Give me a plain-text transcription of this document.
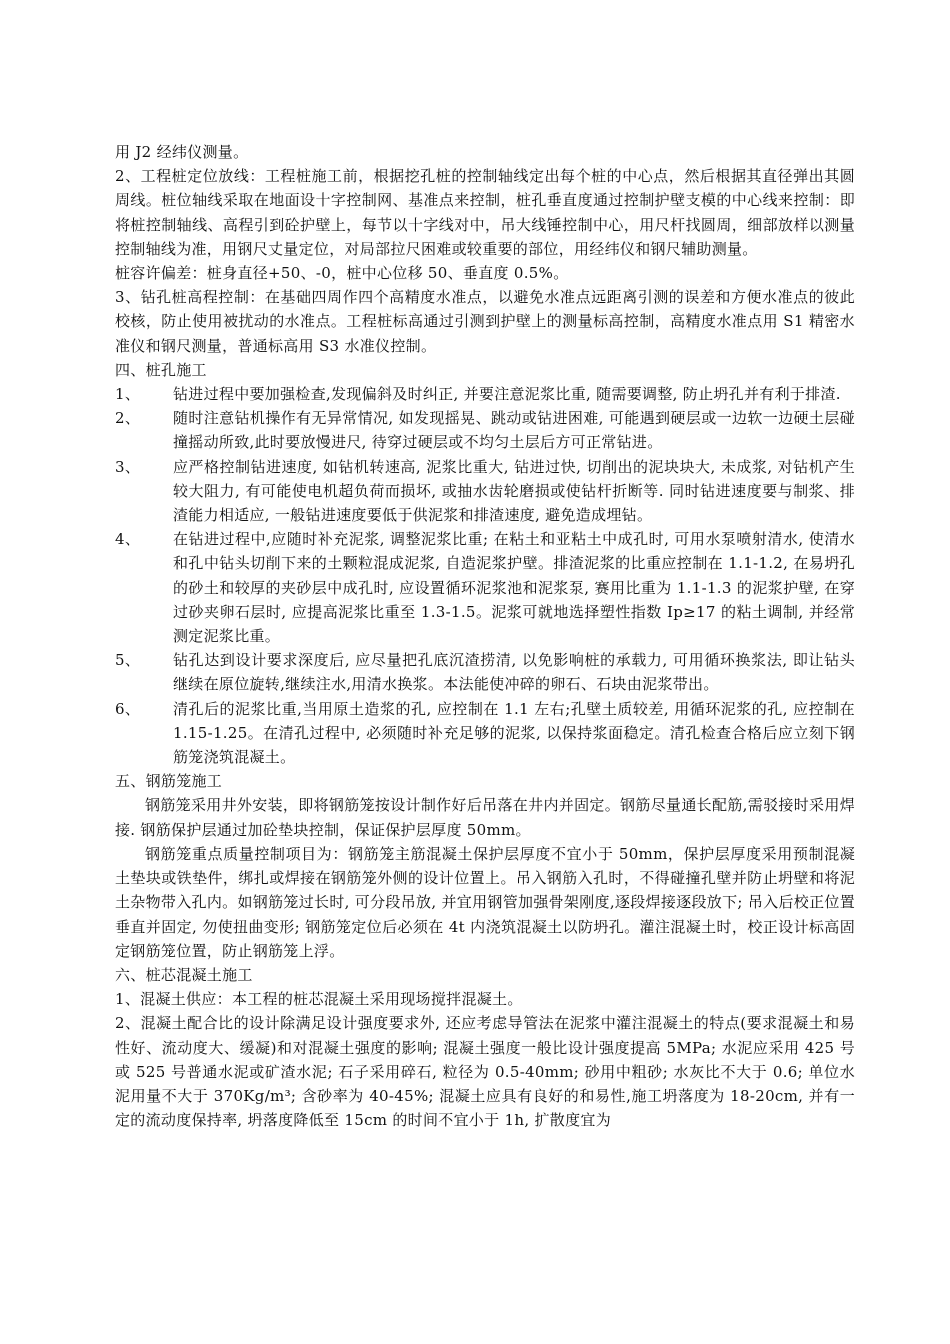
用 J2 经纬仪测量。

2、工程桩定位放线：工程桩施工前，根据挖孔桩的控制轴线定出每个桩的中心点，然后根据其直径弹出其圆周线。桩位轴线采取在地面设十字控制网、基准点来控制，桩孔垂直度通过控制护壁支模的中心线来控制：即将桩控制轴线、高程引到砼护壁上，每节以十字线对中，吊大线锤控制中心，用尺杆找圆周，细部放样以测量控制轴线为准，用钢尺丈量定位，对局部拉尺困难或较重要的部位，用经纬仪和钢尺辅助测量。

桩容许偏差：桩身直径+50、-0，桩中心位移 50、垂直度 0.5%。

3、钻孔桩高程控制：在基础四周作四个高精度水准点，以避免水准点远距离引测的误差和方便水准点的彼此校核，防止使用被扰动的水准点。工程桩标高通过引测到护壁上的测量标高控制，高精度水准点用 S1 精密水准仪和钢尺测量，普通标高用 S3 水准仪控制。

四、桩孔施工

1、	钻进过程中要加强检查,发现偏斜及时纠正, 并要注意泥浆比重, 随需要调整, 防止坍孔并有利于排渣.
2、	随时注意钻机操作有无异常情况, 如发现摇晃、跳动或钻进困难, 可能遇到硬层或一边软一边硬土层碰撞摇动所致,此时要放慢进尺, 待穿过硬层或不均匀土层后方可正常钻进。
3、	应严格控制钻进速度, 如钻机转速高, 泥浆比重大, 钻进过快, 切削出的泥块块大, 未成浆, 对钻机产生较大阻力, 有可能使电机超负荷而损坏, 或抽水齿轮磨损或使钻杆折断等. 同时钻进速度要与制浆、排渣能力相适应, 一般钻进速度要低于供泥浆和排渣速度, 避免造成埋钻。
4、	在钻进过程中,应随时补充泥浆, 调整泥浆比重; 在粘土和亚粘土中成孔时, 可用水泵喷射清水, 使清水和孔中钻头切削下来的土颗粒混成泥浆, 自造泥浆护壁。排渣泥浆的比重应控制在 1.1-1.2, 在易坍孔的砂土和较厚的夹砂层中成孔时, 应设置循环泥浆池和泥浆泵, 赛用比重为 1.1-1.3 的泥浆护壁, 在穿过砂夹卵石层时, 应提高泥浆比重至 1.3-1.5。泥浆可就地选择塑性指数 Ip≥17 的粘土调制, 并经常测定泥浆比重。
5、	钻孔达到设计要求深度后, 应尽量把孔底沉渣捞清, 以免影响桩的承载力, 可用循环换浆法, 即让钻头继续在原位旋转,继续注水,用清水换浆。本法能使冲碎的卵石、石块由泥浆带出。
6、	清孔后的泥浆比重,当用原土造浆的孔, 应控制在 1.1 左右;孔壁土质较差, 用循环泥浆的孔, 应控制在 1.15-1.25。在清孔过程中, 必须随时补充足够的泥浆, 以保持浆面稳定。清孔检查合格后应立刻下钢筋笼浇筑混凝土。

五、钢筋笼施工

钢筋笼采用井外安装，即将钢筋笼按设计制作好后吊落在井内并固定。钢筋尽量通长配筋,需驳接时采用焊接. 钢筋保护层通过加砼垫块控制，保证保护层厚度 50mm。

钢筋笼重点质量控制项目为：钢筋笼主筋混凝土保护层厚度不宜小于 50mm，保护层厚度采用预制混凝土垫块或铁垫件，绑扎或焊接在钢筋笼外侧的设计位置上。吊入钢筋入孔时，不得碰撞孔壁并防止坍壁和将泥土杂物带入孔内。如钢筋笼过长时, 可分段吊放, 并宜用钢管加强骨架刚度,逐段焊接逐段放下; 吊入后校正位置垂直并固定, 勿使扭曲变形; 钢筋笼定位后必须在 4t 内浇筑混凝土以防坍孔。灌注混凝土时，校正设计标高固定钢筋笼位置，防止钢筋笼上浮。

六、桩芯混凝土施工

1、混凝土供应：本工程的桩芯混凝土采用现场搅拌混凝土。

2、混凝土配合比的设计除满足设计强度要求外, 还应考虑导管法在泥浆中灌注混凝土的特点(要求混凝土和易性好、流动度大、缓凝)和对混凝土强度的影响; 混凝土强度一般比设计强度提高 5MPa; 水泥应采用 425 号或 525 号普通水泥或矿渣水泥; 石子采用碎石, 粒径为 0.5-40mm; 砂用中粗砂; 水灰比不大于 0.6; 单位水泥用量不大于 370Kg/m³; 含砂率为 40-45%; 混凝土应具有良好的和易性,施工坍落度为 18-20cm, 并有一定的流动度保持率, 坍落度降低至 15cm 的时间不宜小于 1h, 扩散度宜为
